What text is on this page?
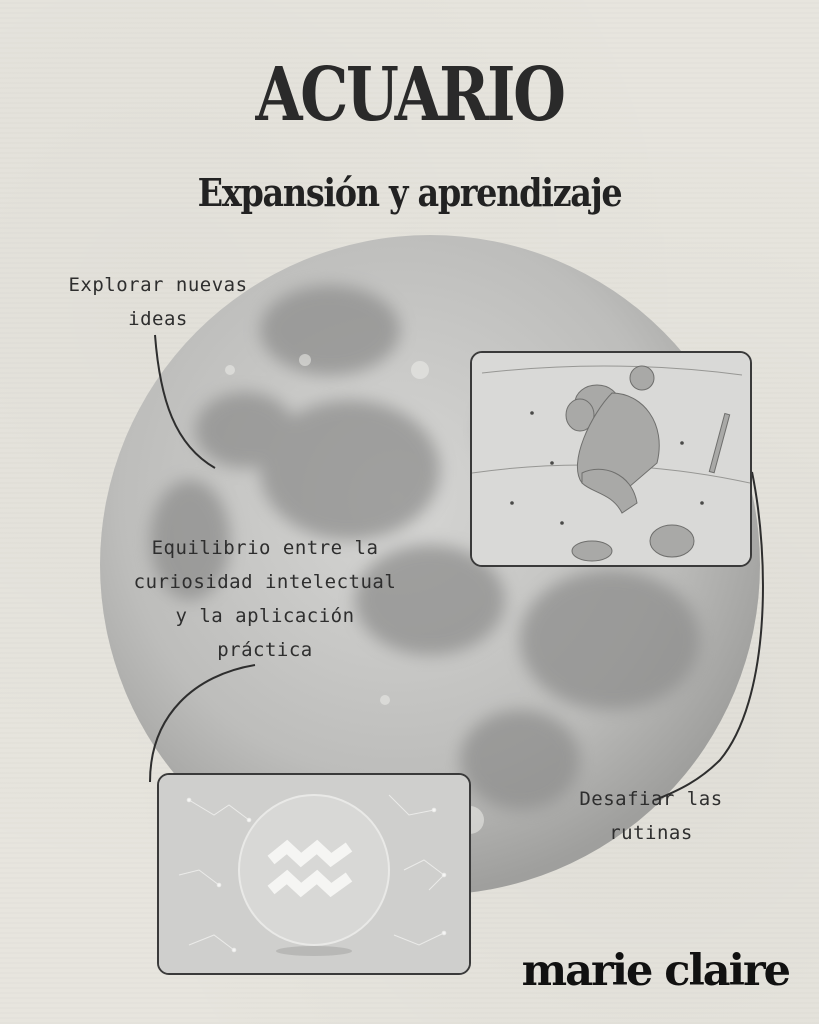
ACUARIO
Expansión y aprendizaje
Explorar nuevas
ideas
Equilibrio entre la
curiosidad intelectual
y la aplicación
práctica
Desafiar las
rutinas
marie claire
